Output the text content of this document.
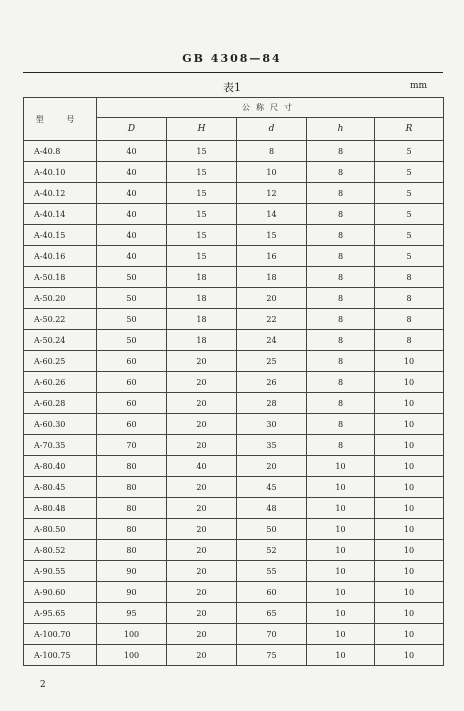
GB 4308—84
表1	mm
型 号	公称尺寸				
	D	H	d	h	R
A-40.8	40	15	8	8	5
A-40.10	40	15	10	8	5
A-40.12	40	15	12	8	5
A-40.14	40	15	14	8	5
A-40.15	40	15	15	8	5
A-40.16	40	15	16	8	5
A-50.18	50	18	18	8	8
A-50.20	50	18	20	8	8
A-50.22	50	18	22	8	8
A-50.24	50	18	24	8	8
A-60.25	60	20	25	8	10
A-60.26	60	20	26	8	10
A-60.28	60	20	28	8	10
A-60.30	60	20	30	8	10
A-70.35	70	20	35	8	10
A-80.40	80	40	20	10	10
A-80.45	80	20	45	10	10
A-80.48	80	20	48	10	10
A-80.50	80	20	50	10	10
A-80.52	80	20	52	10	10
A-90.55	90	20	55	10	10
A-90.60	90	20	60	10	10
A-95.65	95	20	65	10	10
A-100.70	100	20	70	10	10
A-100.75	100	20	75	10	10
2
